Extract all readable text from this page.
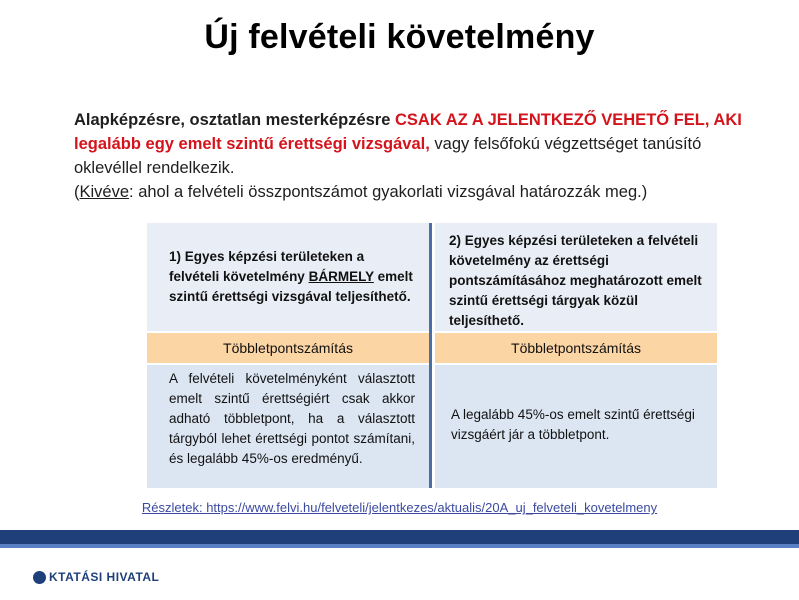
Új felvételi követelmény
Alapképzésre, osztatlan mesterképzésre CSAK AZ A JELENTKEZŐ VEHETŐ FEL, AKI legalább egy emelt szintű érettségi vizsgával, vagy felsőfokú végzettséget tanúsító oklevéllel rendelkezik.
(Kivéve: ahol a felvételi összpontszámot gyakorlati vizsgával határozzák meg.)
1) Egyes képzési területeken a felvételi követelmény BÁRMELY emelt szintű érettségi vizsgával teljesíthető.
2) Egyes képzési területeken a felvételi követelmény az érettségi pontszámításához meghatározott emelt szintű érettségi tárgyak közül teljesíthető.
Többletpontszámítás	Többletpontszámítás
A felvételi követelményként választott emelt szintű érettségiért csak akkor adható többletpont, ha a választott tárgyból lehet érettségi pontot számítani, és legalább 45%-os eredményű.
A legalább 45%-os emelt szintű érettségi vizsgáért jár a többletpont.
Részletek: https://www.felvi.hu/felveteli/jelentkezes/aktualis/20A_uj_felveteli_kovetelmeny
KTATÁSI HIVATAL
